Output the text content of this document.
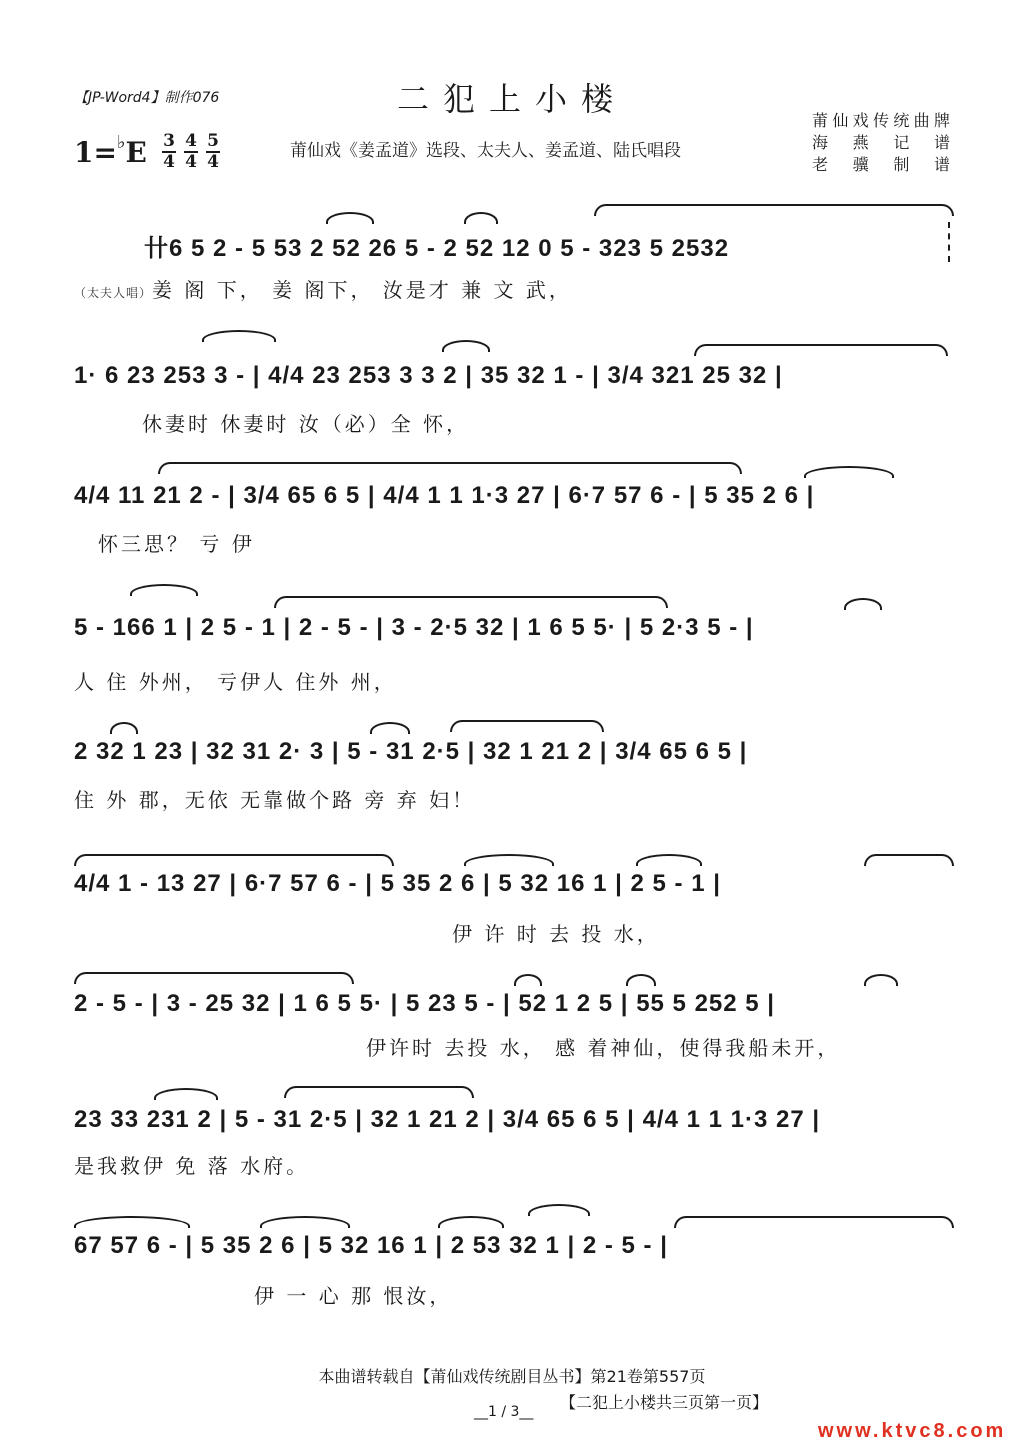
【JP-Word4】制作076	二犯上小楼
$1=^♭E \frac{3}{4} \frac{4}{4} \frac{5}{4}$	莆仙戏《姜孟道》选段、太夫人、姜孟道、陆氏唱段
莆仙戏传统曲牌
海 燕 记 谱
老 骥 制 谱
卄6 5 2 - 5 53 2 52 26 5 - 2 52 12 0 5 - 323 5 2532
（太夫人唱）姜 阁 下， 姜 阁下， 汝是才 兼 文 武，
1· 6 23 253 3 - | 4/4 23 253 3 3 2 | 35 32 1 - | 3/4 321 25 32 |
休妻时 休妻时 汝（必）全 怀，
4/4 11 21 2 - | 3/4 65 6 5 | 4/4 1 1 1·3 27 | 6·7 57 6 - | 5 35 2 6 |
怀三思？ 亏 伊
5 - 166 1 | 2 5 - 1 | 2 - 5 - | 3 - 2·5 32 | 1 6 5 5· | 5 2·3 5 - |
人 住 外州， 亏伊人 住外 州，
2 32 1 23 | 32 31 2· 3 | 5 - 31 2·5 | 32 1 21 2 | 3/4 65 6 5 |
住 外 郡，无依 无靠做个路 旁 弃 妇！
4/4 1 - 13 27 | 6·7 57 6 - | 5 35 2 6 | 5 32 16 1 | 2 5 - 1 |
伊 许 时 去 投 水，
2 - 5 - | 3 - 25 32 | 1 6 5 5· | 5 23 5 - | 52 1 2 5 | 55 5 252 5 |
伊许时 去投 水， 感 着神仙，使得我船未开，
23 33 231 2 | 5 - 31 2·5 | 32 1 21 2 | 3/4 65 6 5 | 4/4 1 1 1·3 27 |
是我救伊 免 落 水府。
67 57 6 - | 5 35 2 6 | 5 32 16 1 | 2 53 32 1 | 2 - 5 - |
伊 一 心 那 恨汝，
本曲谱转载自【莆仙戏传统剧目丛书】第21卷第557页
【二犯上小楼共三页第一页】
__1 / 3__
www.ktvc8.com
